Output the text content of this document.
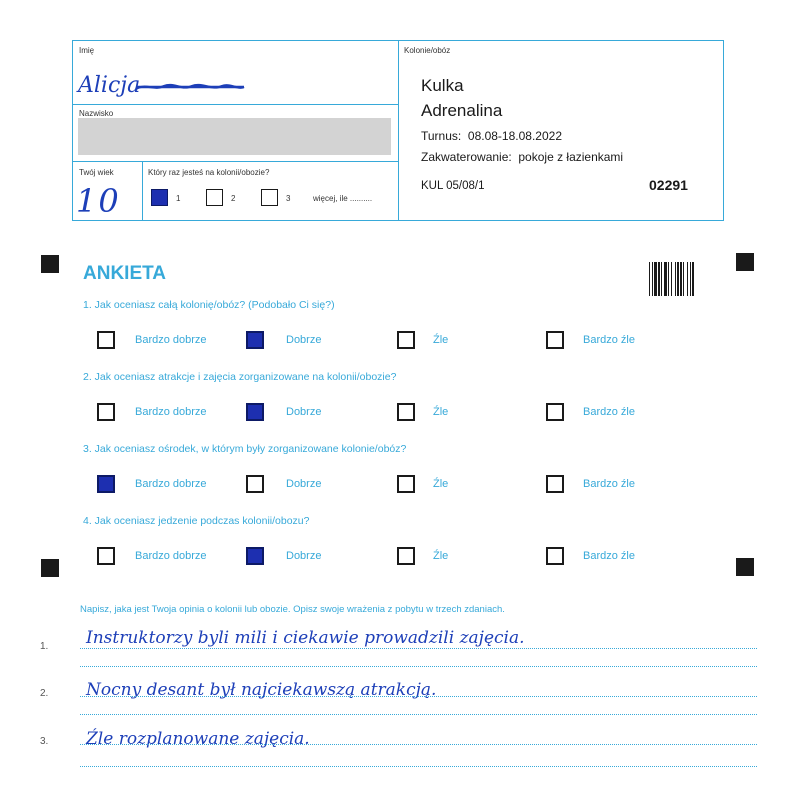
Imię
Alicja
Nazwisko
Twój wiek
10
Który raz jesteś na kolonii/obozie?
1	2	3	więcej, ile ..........
Kolonie/obóz
Kulka
Adrenalina
Turnus:  08.08-18.08.2022
Zakwaterowanie:  pokoje z łazienkami
KUL 05/08/1	02291
ANKIETA
1. Jak oceniasz całą kolonię/obóz? (Podobało Ci się?)
Bardzo dobrze	Dobrze	Źle	Bardzo źle
2. Jak oceniasz atrakcje i zajęcia zorganizowane na kolonii/obozie?
Bardzo dobrze	Dobrze	Źle	Bardzo źle
3. Jak oceniasz ośrodek, w którym były zorganizowane kolonie/obóz?
Bardzo dobrze	Dobrze	Źle	Bardzo źle
4. Jak oceniasz jedzenie podczas kolonii/obozu?
Bardzo dobrze	Dobrze	Źle	Bardzo źle
Napisz, jaka jest Twoja opinia o kolonii lub obozie. Opisz swoje wrażenia z pobytu w trzech zdaniach.
1. Instruktorzy byli mili i ciekawie prowadzili zajęcia.
2. Nocny desant był najciekawszą atrakcją.
3. Źle rozplanowane zajęcia.
